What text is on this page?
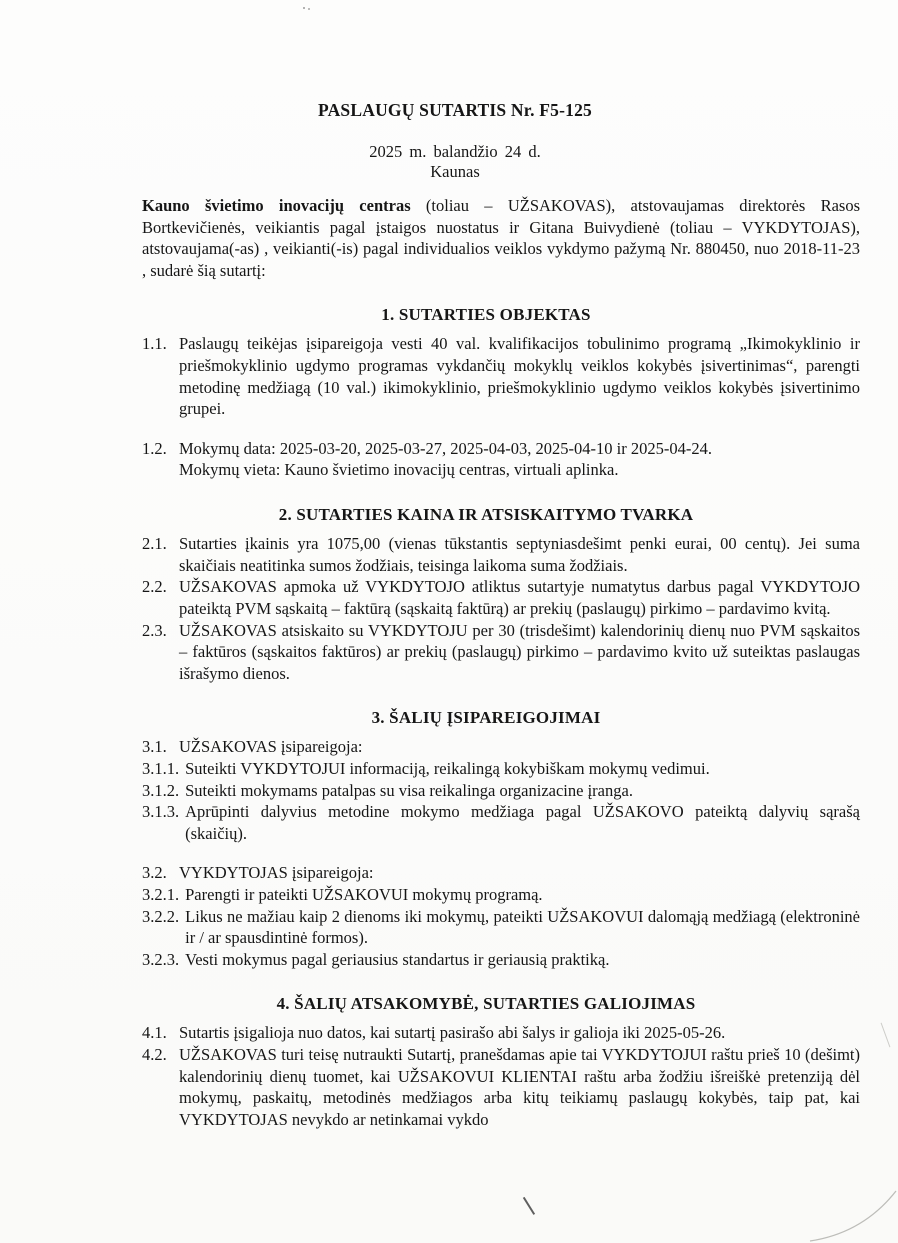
PASLAUGŲ SUTARTIS Nr. F5-125
2025 m. balandžio 24 d.
Kaunas

Kauno švietimo inovacijų centras (toliau – UŽSAKOVAS), atstovaujamas direktorės Rasos Bortkevičienės, veikiantis pagal įstaigos nuostatus ir Gitana Buivydienė (toliau – VYKDYTOJAS), atstovaujama(-as) , veikianti(-is) pagal individualios veiklos vykdymo pažymą Nr. 880450, nuo 2018-11-23 , sudarė šią sutartį:

1. SUTARTIES OBJEKTAS
1.1. Paslaugų teikėjas įsipareigoja vesti 40 val. kvalifikacijos tobulinimo programą „Ikimokyklinio ir priešmokyklinio ugdymo programas vykdančių mokyklų veiklos kokybės įsivertinimas“, parengti metodinę medžiagą (10 val.) ikimokyklinio, priešmokyklinio ugdymo veiklos kokybės įsivertinimo grupei.
1.2. Mokymų data: 2025-03-20, 2025-03-27, 2025-04-03, 2025-04-10 ir 2025-04-24.
Mokymų vieta: Kauno švietimo inovacijų centras, virtuali aplinka.
2. SUTARTIES KAINA IR ATSISKAITYMO TVARKA
2.1. Sutarties įkainis yra 1075,00 (vienas tūkstantis septyniasdešimt penki eurai, 00 centų). Jei suma skaičiais neatitinka sumos žodžiais, teisinga laikoma suma žodžiais.
2.2. UŽSAKOVAS apmoka už VYKDYTOJO atliktus sutartyje numatytus darbus pagal VYKDYTOJO pateiktą PVM sąskaitą – faktūrą (sąskaitą faktūrą) ar prekių (paslaugų) pirkimo – pardavimo kvitą.
2.3. UŽSAKOVAS atsiskaito su VYKDYTOJU per 30 (trisdešimt) kalendorinių dienų nuo PVM sąskaitos – faktūros (sąskaitos faktūros) ar prekių (paslaugų) pirkimo – pardavimo kvito už suteiktas paslaugas išrašymo dienos.
3. ŠALIŲ ĮSIPAREIGOJIMAI
3.1. UŽSAKOVAS įsipareigoja:
3.1.1. Suteikti VYKDYTOJUI informaciją, reikalingą kokybiškam mokymų vedimui.
3.1.2. Suteikti mokymams patalpas su visa reikalinga organizacine įranga.
3.1.3. Aprūpinti dalyvius metodine mokymo medžiaga pagal UŽSAKOVO pateiktą dalyvių sąrašą (skaičių).
3.2. VYKDYTOJAS įsipareigoja:
3.2.1. Parengti ir pateikti UŽSAKOVUI mokymų programą.
3.2.2. Likus ne mažiau kaip 2 dienoms iki mokymų, pateikti UŽSAKOVUI dalomąją medžiagą (elektroninė ir / ar spausdintinė formos).
3.2.3. Vesti mokymus pagal geriausius standartus ir geriausią praktiką.
4. ŠALIŲ ATSAKOMYBĖ, SUTARTIES GALIOJIMAS
4.1. Sutartis įsigalioja nuo datos, kai sutartį pasirašo abi šalys ir galioja iki 2025-05-26.
4.2. UŽSAKOVAS turi teisę nutraukti Sutartį, pranešdamas apie tai VYKDYTOJUI raštu prieš 10 (dešimt) kalendorinių dienų tuomet, kai UŽSAKOVUI KLIENTAI raštu arba žodžiu išreiškė pretenziją dėl mokymų, paskaitų, metodinės medžiagos arba kitų teikiamų paslaugų kokybės, taip pat, kai VYKDYTOJAS nevykdo ar netinkamai vykdo
